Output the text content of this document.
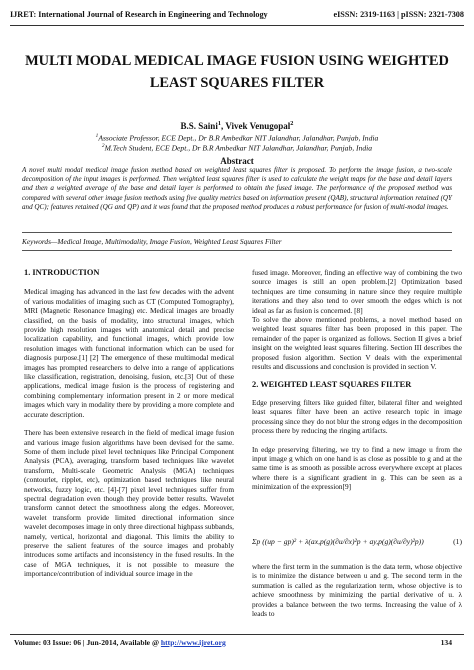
IJRET: International Journal of Research in Engineering and Technology	eISSN: 2319-1163 | pISSN: 2321-7308
MULTI MODAL MEDICAL IMAGE FUSION USING WEIGHTED
LEAST SQUARES FILTER
B.S. Saini$^1$, Vivek Venugopal$^2$
$^1$Associate Professor, ECE Dept., Dr B.R Ambedkar NIT Jalandhar, Jalandhar, Punjab, India
$^2$M.Tech Student, ECE Dept., Dr B.R Ambedkar NIT Jalandhar, Jalandhar, Punjab, India
Abstract
A novel multi modal medical image fusion method based on weighted least squares filter is proposed. To perform the image fusion, a two-scale decomposition of the input images is performed. Then weighted least squares filter is used to calculate the weight maps for the base and detail layers and then a weighted average of the base and detail layer is performed to obtain the fused image. The performance of the proposed method was compared with several other image fusion methods using five quality metrics based on information present (QAB), structural information retained (QY and QC); features retained (QG and QP) and it was found that the proposed method produces a robust performance for fusion of multi-modal images.
Keywords—Medical Image, Multimodality, Image Fusion, Weighted Least Squares Filter
1. INTRODUCTION

Medical imaging has advanced in the last few decades with the advent of various modalities of imaging such as CT (Computed Tomography), MRI (Magnetic Resonance Imaging) etc. Medical images are broadly classified, on the basis of modality, into structural images, which provide high resolution images with anatomical detail and precise localization capability, and functional images, which provide low resolution images with functional information which can be used for diagnosis purpose.[1] [2] The emergence of these multimodal medical images has prompted researchers to delve into a range of applications like classification, registration, denoising, fusion, etc.[3] Out of these applications, medical image fusion is the process of registering and combining complementary information present in 2 or more medical images which vary in modality there by providing a more complete and accurate description.

There has been extensive research in the field of medical image fusion and various image fusion algorithms have been devised for the same. Some of them include pixel level techniques like Principal Component Analysis (PCA), averaging, transform based techniques like wavelet transform, Multi-scale Geometric Analysis (MGA) techniques (contourlet, ripplet, etc), optimization based techniques like neural networks, fuzzy logic, etc. [4]-[7] pixel level techniques suffer from spectral degradation even though they provide better results. Wavelet transform cannot detect the smoothness along the edges. Moreover, wavelet transform provide limited directional information since wavelet decomposes image in only three directional highpass subbands, namely, vertical, horizontal and diagonal. This limits the ability to preserve the salient features of the source images and probably introduces some artifacts and inconsistency in the fused results. In the case of MGA techniques, it is not possible to measure the importance/contribution of individual source image in the

fused image. Moreover, finding an effective way of combining the two source images is still an open problem.[2] Optimization based techniques are time consuming in nature since they require multiple iterations and they also tend to over smooth the edges which is not ideal as far as fusion is concerned. [8]

To solve the above mentioned problems, a novel method based on weighted least squares filter has been proposed in this paper. The remainder of the paper is organized as follows. Section II gives a brief insight on the weighted least squares filtering. Section III describes the proposed fusion algorithm. Section V deals with the experimental results and discussions and conclusion is provided in section V.

2. WEIGHTED LEAST SQUARES FILTER

Edge preserving filters like guided filter, bilateral filter and weighted least squares filter have been an active research topic in image processing since they do not blur the strong edges in the decomposition process there by reducing the ringing artifacts.

In edge preserving filtering, we try to find a new image u from the input image g which on one hand is as close as possible to g and at the same time is as smooth as possible across everywhere except at places where there is a significant gradient in g. This can be seen as a minimization of the expression[9]

Σp ((up − gp)² + λ(ax,p(g)(∂u/∂x)²p + ay,p(g)(∂u/∂y)²p))	(1)

where the first term in the summation is the data term, whose objective is to minimize the distance between u and g. The second term in the summation is called as the regularization term, whose objective is to achieve smoothness by minimizing the partial derivative of u. λ provides a balance between the two terms. Increasing the value of λ leads to

Volume: 03 Issue: 06 | Jun-2014, Available @ http://www.ijret.org	134
